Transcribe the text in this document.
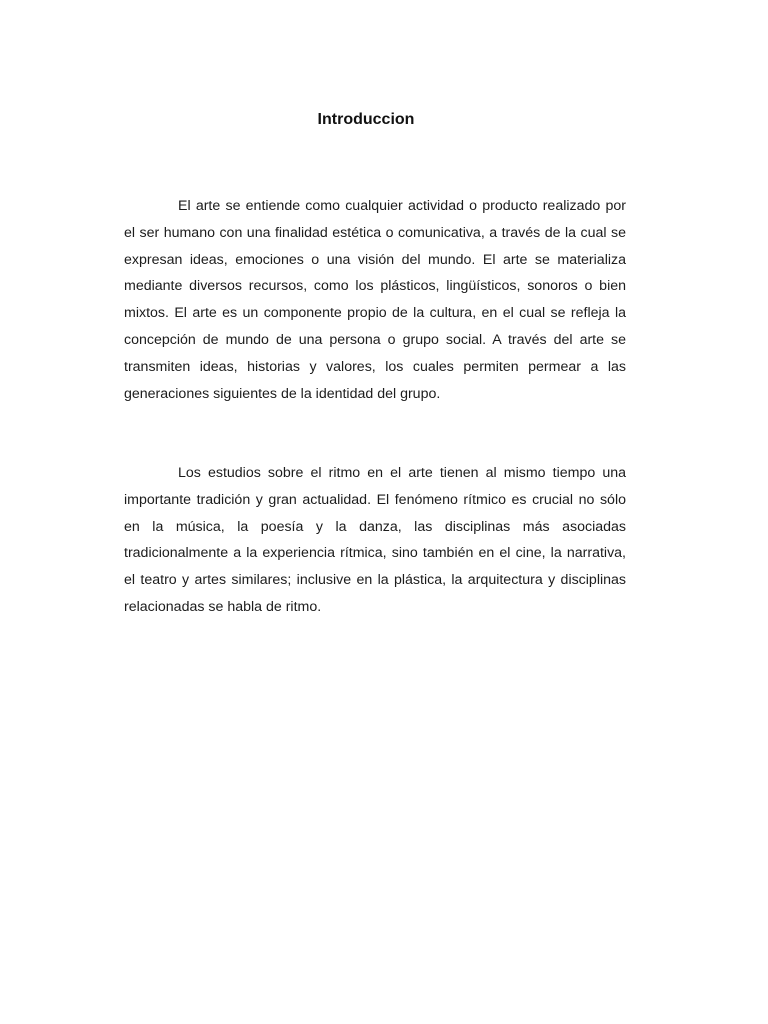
Introduccion

El arte se entiende como cualquier actividad o producto realizado por el ser humano con una finalidad estética o comunicativa, a través de la cual se expresan ideas, emociones o una visión del mundo. El arte se materializa mediante diversos recursos, como los plásticos, lingüísticos, sonoros o bien mixtos. El arte es un componente propio de la cultura, en el cual se refleja la concepción de mundo de una persona o grupo social. A través del arte se transmiten ideas, historias y valores, los cuales permiten permear a las generaciones siguientes de la identidad del grupo.

Los estudios sobre el ritmo en el arte tienen al mismo tiempo una importante tradición y gran actualidad. El fenómeno rítmico es crucial no sólo en la música, la poesía y la danza, las disciplinas más asociadas tradicionalmente a la experiencia rítmica, sino también en el cine, la narrativa, el teatro y artes similares; inclusive en la plástica, la arquitectura y disciplinas relacionadas se habla de ritmo.
